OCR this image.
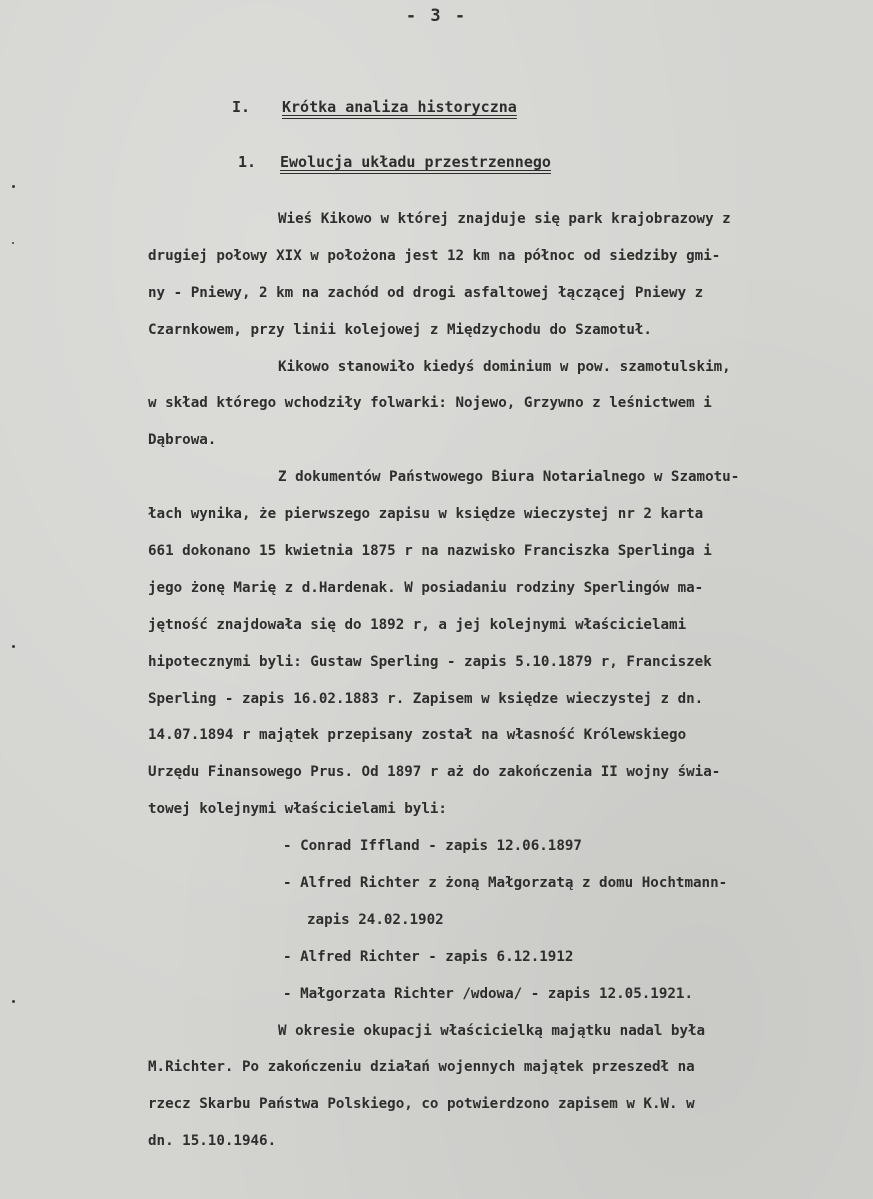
- 3 -
I. Krótka analiza historyczna
1. Ewolucja układu przestrzennego
Wieś Kikowo w której znajduje się park krajobrazowy z
drugiej połowy XIX w położona jest 12 km na północ od siedziby gmi-
ny - Pniewy, 2 km na zachód od drogi asfaltowej łączącej Pniewy z
Czarnkowem, przy linii kolejowej z Międzychodu do Szamotuł.
Kikowo stanowiło kiedyś dominium w pow. szamotulskim,
w skład którego wchodziły folwarki: Nojewo, Grzywno z leśnictwem i
Dąbrowa.
Z dokumentów Państwowego Biura Notarialnego w Szamotu-
łach wynika, że pierwszego zapisu w księdze wieczystej nr 2 karta
661 dokonano 15 kwietnia 1875 r na nazwisko Franciszka Sperlinga i
jego żonę Marię z d.Hardenak. W posiadaniu rodziny Sperlingów ma-
jętność znajdowała się do 1892 r, a jej kolejnymi właścicielami
hipotecznymi byli: Gustaw Sperling - zapis 5.10.1879 r, Franciszek
Sperling - zapis 16.02.1883 r. Zapisem w księdze wieczystej z dn.
14.07.1894 r majątek przepisany został na własność Królewskiego
Urzędu Finansowego Prus. Od 1897 r aż do zakończenia II wojny świa-
towej kolejnymi właścicielami byli:
- Conrad Iffland - zapis 12.06.1897
- Alfred Richter z żoną Małgorzatą z domu Hochtmann-
zapis 24.02.1902
- Alfred Richter - zapis 6.12.1912
- Małgorzata Richter /wdowa/ - zapis 12.05.1921.
W okresie okupacji właścicielką majątku nadal była
M.Richter. Po zakończeniu działań wojennych majątek przeszedł na
rzecz Skarbu Państwa Polskiego, co potwierdzono zapisem w K.W. w
dn. 15.10.1946.
